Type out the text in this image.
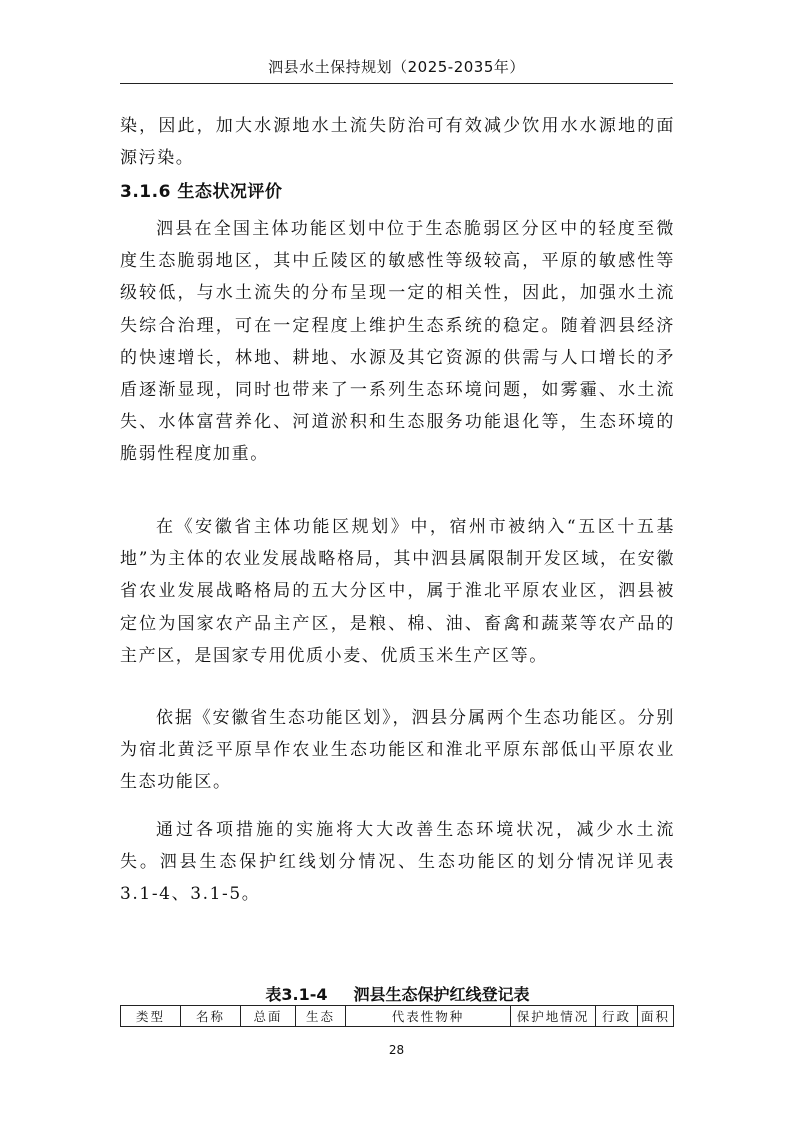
泗县水土保持规划（2025-2035年）
染，因此，加大水源地水土流失防治可有效减少饮用水水源地的面源污染。
3.1.6 生态状况评价
泗县在全国主体功能区划中位于生态脆弱区分区中的轻度至微度生态脆弱地区，其中丘陵区的敏感性等级较高，平原的敏感性等级较低，与水土流失的分布呈现一定的相关性，因此，加强水土流失综合治理，可在一定程度上维护生态系统的稳定。随着泗县经济的快速增长，林地、耕地、水源及其它资源的供需与人口增长的矛盾逐渐显现，同时也带来了一系列生态环境问题，如雾霾、水土流失、水体富营养化、河道淤积和生态服务功能退化等，生态环境的脆弱性程度加重。
在《安徽省主体功能区规划》中，宿州市被纳入“五区十五基地”为主体的农业发展战略格局，其中泗县属限制开发区域，在安徽省农业发展战略格局的五大分区中，属于淮北平原农业区，泗县被定位为国家农产品主产区，是粮、棉、油、畜禽和蔬菜等农产品的主产区，是国家专用优质小麦、优质玉米生产区等。
依据《安徽省生态功能区划》，泗县分属两个生态功能区。分别为宿北黄泛平原旱作农业生态功能区和淮北平原东部低山平原农业生态功能区。
通过各项措施的实施将大大改善生态环境状况，减少水土流失。泗县生态保护红线划分情况、生态功能区的划分情况详见表3.1-4、3.1-5。
表3.1-4 泗县生态保护红线登记表
类型	名称	总面	生态	代表性物种	保护地情况	行政	面积
28
